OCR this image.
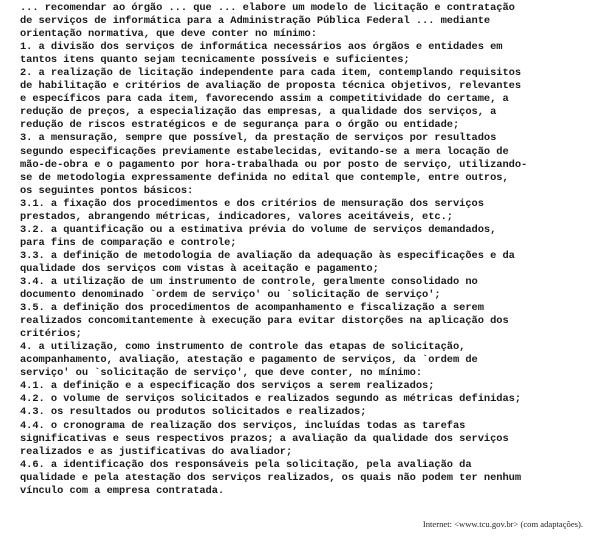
... recomendar ao órgão ... que ... elabore um modelo de licitação e contratação
de serviços de informática para a Administração Pública Federal ... mediante
orientação normativa, que deve conter no mínimo:
1. a divisão dos serviços de informática necessários aos órgãos e entidades em
tantos itens quanto sejam tecnicamente possíveis e suficientes;
2. a realização de licitação independente para cada item, contemplando requisitos
de habilitação e critérios de avaliação de proposta técnica objetivos, relevantes
e específicos para cada item, favorecendo assim a competitividade do certame, a
redução de preços, a especialização das empresas, a qualidade dos serviços, a
redução de riscos estratégicos e de segurança para o órgão ou entidade;
3. a mensuração, sempre que possível, da prestação de serviços por resultados
segundo especificações previamente estabelecidas, evitando-se a mera locação de
mão-de-obra e o pagamento por hora-trabalhada ou por posto de serviço, utilizando-
se de metodologia expressamente definida no edital que contemple, entre outros,
os seguintes pontos básicos:
3.1. a fixação dos procedimentos e dos critérios de mensuração dos serviços
prestados, abrangendo métricas, indicadores, valores aceitáveis, etc.;
3.2. a quantificação ou a estimativa prévia do volume de serviços demandados,
para fins de comparação e controle;
3.3. a definição de metodologia de avaliação da adequação às especificações e da
qualidade dos serviços com vistas à aceitação e pagamento;
3.4. a utilização de um instrumento de controle, geralmente consolidado no
documento denominado `ordem de serviço' ou `solicitação de serviço';
3.5. a definição dos procedimentos de acompanhamento e fiscalização a serem
realizados concomitantemente à execução para evitar distorções na aplicação dos
critérios;
4. a utilização, como instrumento de controle das etapas de solicitação,
acompanhamento, avaliação, atestação e pagamento de serviços, da `ordem de
serviço' ou `solicitação de serviço', que deve conter, no mínimo:
4.1. a definição e a especificação dos serviços a serem realizados;
4.2. o volume de serviços solicitados e realizados segundo as métricas definidas;
4.3. os resultados ou produtos solicitados e realizados;
4.4. o cronograma de realização dos serviços, incluídas todas as tarefas
significativas e seus respectivos prazos; a avaliação da qualidade dos serviços
realizados e as justificativas do avaliador;
4.6. a identificação dos responsáveis pela solicitação, pela avaliação da
qualidade e pela atestação dos serviços realizados, os quais não podem ter nenhum
vínculo com a empresa contratada.
Internet: <www.tcu.gov.br> (com adaptações).
